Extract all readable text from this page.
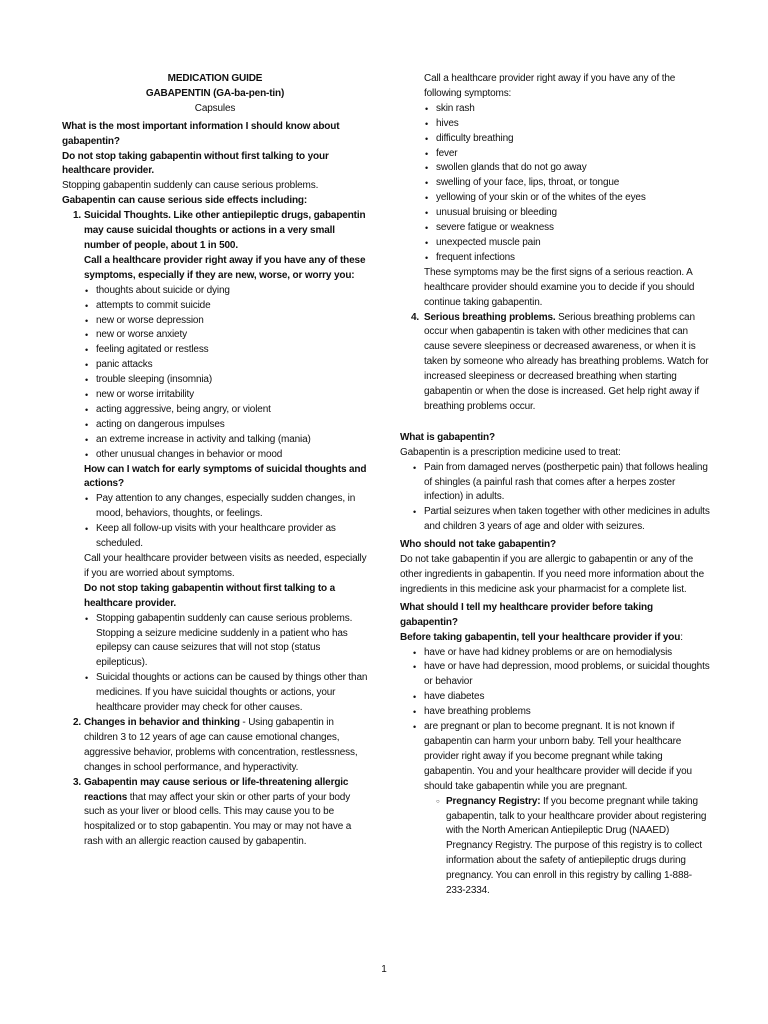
MEDICATION GUIDE

GABAPENTIN (GA-ba-pen-tin)

Capsules

What is the most important information I should know about gabapentin?

Do not stop taking gabapentin without first talking to your healthcare provider.

Stopping gabapentin suddenly can cause serious problems.

Gabapentin can cause serious side effects including:

1. Suicidal Thoughts. Like other antiepileptic drugs, gabapentin may cause suicidal thoughts or actions in a very small number of people, about 1 in 500.

Call a healthcare provider right away if you have any of these symptoms, especially if they are new, worse, or worry you:

• thoughts about suicide or dying
• attempts to commit suicide
• new or worse depression
• new or worse anxiety
• feeling agitated or restless
• panic attacks
• trouble sleeping (insomnia)
• new or worse irritability
• acting aggressive, being angry, or violent
• acting on dangerous impulses
• an extreme increase in activity and talking (mania)
• other unusual changes in behavior or mood

How can I watch for early symptoms of suicidal thoughts and actions?

• Pay attention to any changes, especially sudden changes, in mood, behaviors, thoughts, or feelings.
• Keep all follow-up visits with your healthcare provider as scheduled.

Call your healthcare provider between visits as needed, especially if you are worried about symptoms.

Do not stop taking gabapentin without first talking to a healthcare provider.

• Stopping gabapentin suddenly can cause serious problems. Stopping a seizure medicine suddenly in a patient who has epilepsy can cause seizures that will not stop (status epilepticus).
• Suicidal thoughts or actions can be caused by things other than medicines. If you have suicidal thoughts or actions, your healthcare provider may check for other causes.
2. Changes in behavior and thinking - Using gabapentin in children 3 to 12 years of age can cause emotional changes, aggressive behavior, problems with concentration, restlessness, changes in school performance, and hyperactivity.

3. Gabapentin may cause serious or life-threatening allergic reactions that may affect your skin or other parts of your body such as your liver or blood cells. This may cause you to be hospitalized or to stop gabapentin. You may or may not have a rash with an allergic reaction caused by gabapentin.

Call a healthcare provider right away if you have any of the following symptoms:

• skin rash
• hives
• difficulty breathing
• fever
• swollen glands that do not go away
• swelling of your face, lips, throat, or tongue
• yellowing of your skin or of the whites of the eyes
• unusual bruising or bleeding
• severe fatigue or weakness
• unexpected muscle pain
• frequent infections

These symptoms may be the first signs of a serious reaction. A healthcare provider should examine you to decide if you should continue taking gabapentin.

4. Serious breathing problems. Serious breathing problems can occur when gabapentin is taken with other medicines that can cause severe sleepiness or decreased awareness, or when it is taken by someone who already has breathing problems. Watch for increased sleepiness or decreased breathing when starting gabapentin or when the dose is increased. Get help right away if breathing problems occur.

What is gabapentin?

Gabapentin is a prescription medicine used to treat:

• Pain from damaged nerves (postherpetic pain) that follows healing of shingles (a painful rash that comes after a herpes zoster infection) in adults.
• Partial seizures when taken together with other medicines in adults and children 3 years of age and older with seizures.

Who should not take gabapentin?

Do not take gabapentin if you are allergic to gabapentin or any of the other ingredients in gabapentin. If you need more information about the ingredients in this medicine ask your pharmacist for a complete list.

What should I tell my healthcare provider before taking gabapentin?

Before taking gabapentin, tell your healthcare provider if you:

• have or have had kidney problems or are on hemodialysis
• have or have had depression, mood problems, or suicidal thoughts or behavior
• have diabetes
• have breathing problems
• are pregnant or plan to become pregnant. It is not known if gabapentin can harm your unborn baby. Tell your healthcare provider right away if you become pregnant while taking gabapentin. You and your healthcare provider will decide if you should take gabapentin while you are pregnant.
○ Pregnancy Registry: If you become pregnant while taking gabapentin, talk to your healthcare provider about registering with the North American Antiepileptic Drug (NAAED) Pregnancy Registry. The purpose of this registry is to collect information about the safety of antiepileptic drugs during pregnancy. You can enroll in this registry by calling 1-888-233-2334.
1
